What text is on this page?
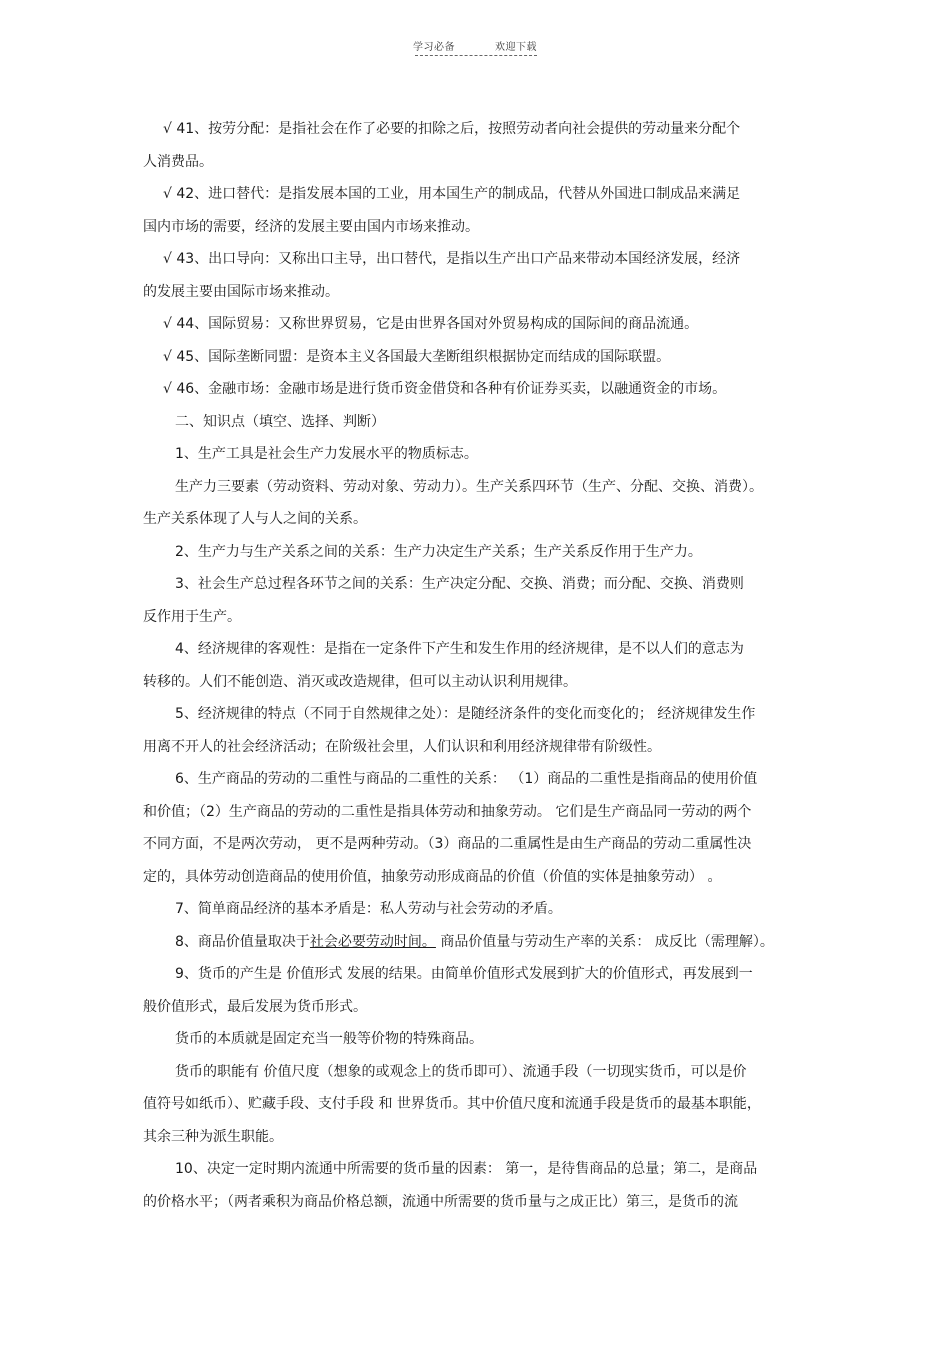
学习必备	欢迎下载

√ 41、按劳分配：是指社会在作了必要的扣除之后，按照劳动者向社会提供的劳动量来分配个

人消费品。

√ 42、进口替代：是指发展本国的工业，用本国生产的制成品，代替从外国进口制成品来满足

国内市场的需要，经济的发展主要由国内市场来推动。

√ 43、出口导向：又称出口主导，出口替代，是指以生产出口产品来带动本国经济发展，经济

的发展主要由国际市场来推动。

√ 44、国际贸易：又称世界贸易，它是由世界各国对外贸易构成的国际间的商品流通。

√ 45、国际垄断同盟：是资本主义各国最大垄断组织根据协定而结成的国际联盟。

√ 46、金融市场：金融市场是进行货币资金借贷和各种有价证券买卖，以融通资金的市场。

二、知识点（填空、选择、判断）

1、生产工具是社会生产力发展水平的物质标志。

生产力三要素（劳动资料、劳动对象、劳动力）。生产关系四环节（生产、分配、交换、消费）。

生产关系体现了人与人之间的关系。

2、生产力与生产关系之间的关系：生产力决定生产关系；生产关系反作用于生产力。

3、社会生产总过程各环节之间的关系：生产决定分配、交换、消费；而分配、交换、消费则

反作用于生产。

4、经济规律的客观性：是指在一定条件下产生和发生作用的经济规律，是不以人们的意志为

转移的。人们不能创造、消灭或改造规律，但可以主动认识利用规律。

5、经济规律的特点（不同于自然规律之处）：是随经济条件的变化而变化的； 经济规律发生作

用离不开人的社会经济活动；在阶级社会里，人们认识和利用经济规律带有阶级性。

6、生产商品的劳动的二重性与商品的二重性的关系： （1）商品的二重性是指商品的使用价值

和价值；（2）生产商品的劳动的二重性是指具体劳动和抽象劳动。 它们是生产商品同一劳动的两个

不同方面，不是两次劳动， 更不是两种劳动。（3）商品的二重属性是由生产商品的劳动二重属性决

定的，具体劳动创造商品的使用价值，抽象劳动形成商品的价值（价值的实体是抽象劳动） 。

7、简单商品经济的基本矛盾是：私人劳动与社会劳动的矛盾。

8、商品价值量取决于社会必要劳动时间。 商品价值量与劳动生产率的关系： 成反比（需理解）。

9、货币的产生是 价值形式 发展的结果。由简单价值形式发展到扩大的价值形式，再发展到一

般价值形式，最后发展为货币形式。

货币的本质就是固定充当一般等价物的特殊商品。

货币的职能有 价值尺度（想象的或观念上的货币即可）、流通手段（一切现实货币，可以是价

值符号如纸币）、贮藏手段、支付手段 和 世界货币。其中价值尺度和流通手段是货币的最基本职能，

其余三种为派生职能。

10、决定一定时期内流通中所需要的货币量的因素： 第一，是待售商品的总量；第二，是商品

的价格水平；（两者乘积为商品价格总额，流通中所需要的货币量与之成正比）第三，是货币的流
